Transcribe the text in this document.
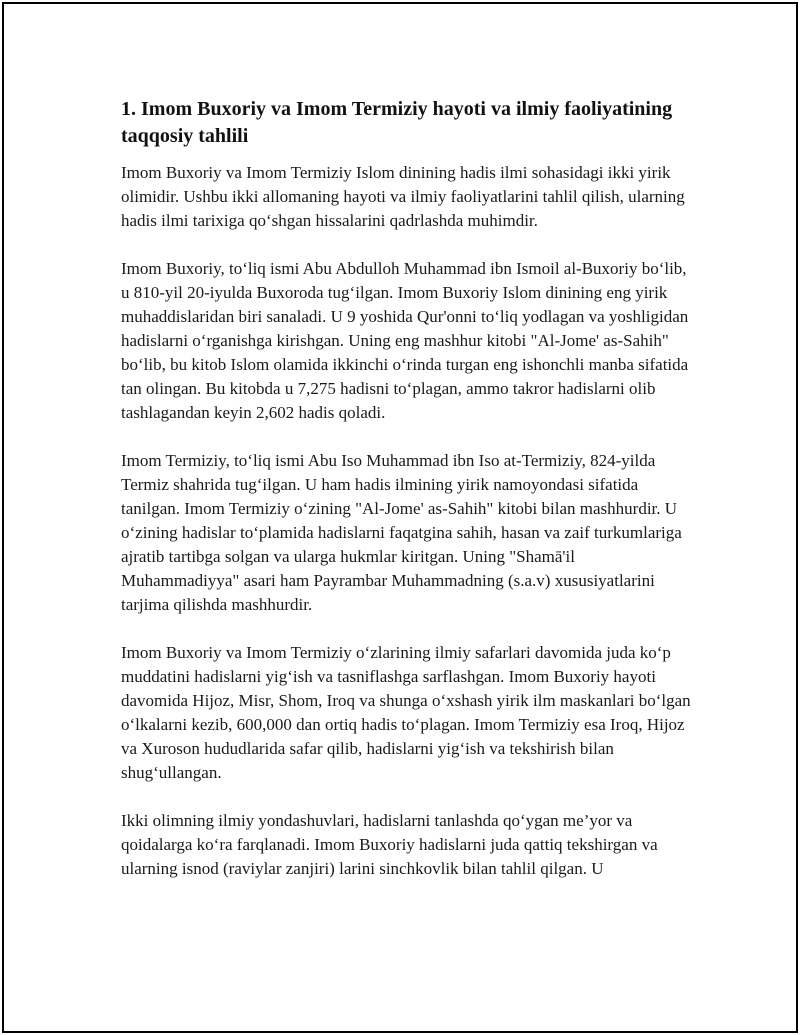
1. Imom Buxoriy va Imom Termiziy hayoti va ilmiy faoliyatining taqqosiy tahlili

Imom Buxoriy va Imom Termiziy Islom dinining hadis ilmi sohasidagi ikki yirik olimidir. Ushbu ikki allomaning hayoti va ilmiy faoliyatlarini tahlil qilish, ularning hadis ilmi tarixiga qo‘shgan hissalarini qadrlashda muhimdir.

Imom Buxoriy, to‘liq ismi Abu Abdulloh Muhammad ibn Ismoil al-Buxoriy bo‘lib, u 810-yil 20-iyulda Buxoroda tug‘ilgan. Imom Buxoriy Islom dinining eng yirik muhaddislaridan biri sanaladi. U 9 yoshida Qur'onni to‘liq yodlagan va yoshligidan hadislarni o‘rganishga kirishgan. Uning eng mashhur kitobi "Al-Jome' as-Sahih" bo‘lib, bu kitob Islom olamida ikkinchi o‘rinda turgan eng ishonchli manba sifatida tan olingan. Bu kitobda u 7,275 hadisni to‘plagan, ammo takror hadislarni olib tashlagandan keyin 2,602 hadis qoladi.

Imom Termiziy, to‘liq ismi Abu Iso Muhammad ibn Iso at-Termiziy, 824-yilda Termiz shahrida tug‘ilgan. U ham hadis ilmining yirik namoyondasi sifatida tanilgan. Imom Termiziy o‘zining "Al-Jome' as-Sahih" kitobi bilan mashhurdir. U o‘zining hadislar to‘plamida hadislarni faqatgina sahih, hasan va zaif turkumlariga ajratib tartibga solgan va ularga hukmlar kiritgan. Uning "Shamā'il Muhammadiyya" asari ham Payrambar Muhammadning (s.a.v) xususiyatlarini tarjima qilishda mashhurdir.

Imom Buxoriy va Imom Termiziy o‘zlarining ilmiy safarlari davomida juda ko‘p muddatini hadislarni yig‘ish va tasniflashga sarflashgan. Imom Buxoriy hayoti davomida Hijoz, Misr, Shom, Iroq va shunga o‘xshash yirik ilm maskanlari bo‘lgan o‘lkalarni kezib, 600,000 dan ortiq hadis to‘plagan. Imom Termiziy esa Iroq, Hijoz va Xuroson hududlarida safar qilib, hadislarni yig‘ish va tekshirish bilan shug‘ullangan.

Ikki olimning ilmiy yondashuvlari, hadislarni tanlashda qo‘ygan me’yor va qoidalarga ko‘ra farqlanadi. Imom Buxoriy hadislarni juda qattiq tekshirgan va ularning isnod (raviylar zanjiri) larini sinchkovlik bilan tahlil qilgan. U
